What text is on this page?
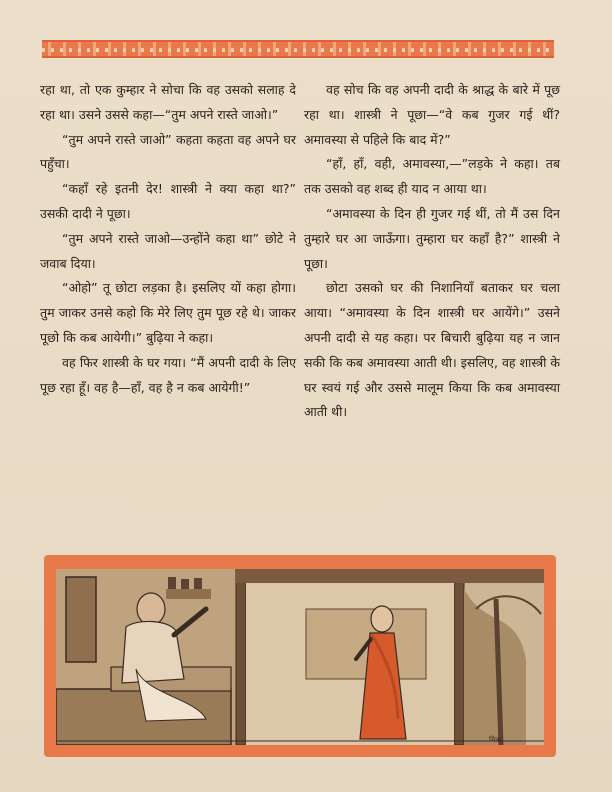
रहा था, तो एक कुम्हार ने सोचा कि वह उसको सलाह दे रहा था। उसने उससे कहा—“तुम अपने रास्ते जाओ।”

“तुम अपने रास्ते जाओ” कहता कहता वह अपने घर पहुँचा।

“कहाँ रहे इतनी देर! शास्त्री ने क्या कहा था?” उसकी दादी ने पूछा।

“तुम अपने रास्ते जाओ—उन्होंने कहा था” छोटे ने जवाब दिया।

“ओहो” तू छोटा लड़का है। इसलिए यों कहा होगा। तुम जाकर उनसे कहो कि मेरे लिए तुम पूछ रहे थे। जाकर पूछो कि कब आयेगी।” बुढ़िया ने कहा।

वह फिर शास्त्री के घर गया। “मैं अपनी दादी के लिए पूछ रहा हूँ। वह है—हाँ, वह है न कब आयेगी!”

वह सोच कि वह अपनी दादी के श्राद्ध के बारे में पूछ रहा था। शास्त्री ने पूछा—“वे कब गुजर गई थीं? अमावस्या से पहिले कि बाद में?”

“हाँ, हाँ, वही, अमावस्या,—”लड़के ने कहा। तब तक उसको वह शब्द ही याद न आया था।

“अमावस्या के दिन ही गुजर गई थीं, तो मैं उस दिन तुम्हारे घर आ जाऊँगा। तुम्हारा घर कहाँ है?” शास्त्री ने पूछा।

छोटा उसको घर की निशानियाँ बताकर घर चला आया। “अमावस्या के दिन शास्त्री घर आयेंगे।” उसने अपनी दादी से यह कहा। पर बिचारी बुढ़िया यह न जान सकी कि कब अमावस्या आती थी। इसलिए, वह शास्त्री के घर स्वयं गई और उससे मालूम किया कि कब अमावस्या आती थी।

चित्रा
